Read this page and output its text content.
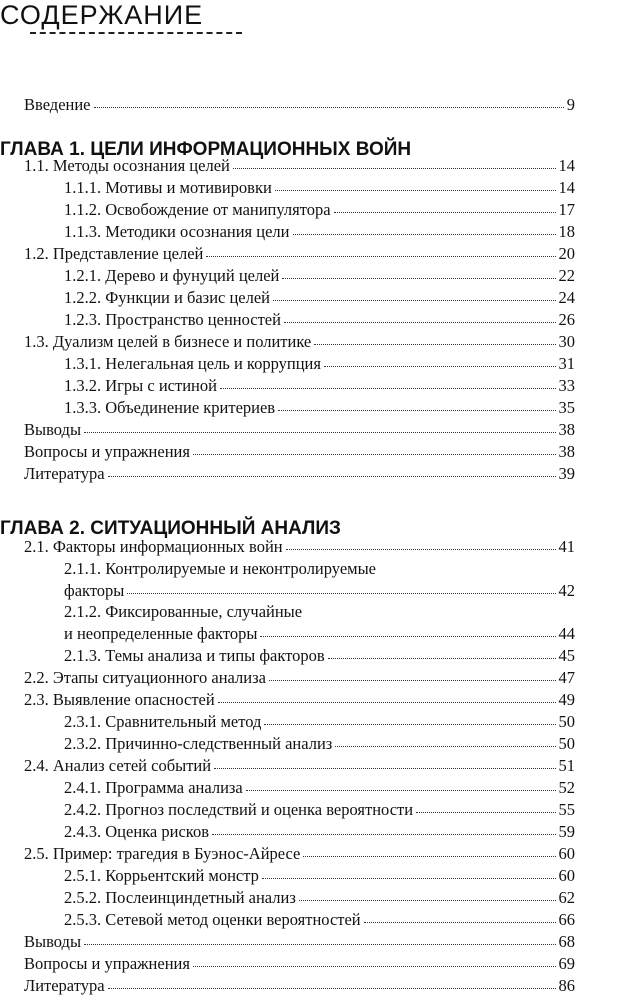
СОДЕРЖАНИЕ
Введение	9
ГЛАВА 1. ЦЕЛИ ИНФОРМАЦИОННЫХ ВОЙН
1.1. Методы осознания целей	14
1.1.1. Мотивы и мотивировки	14
1.1.2. Освобождение от манипулятора	17
1.1.3. Методики осознания цели	18
1.2. Представление целей	20
1.2.1. Дерево и фунуций целей	22
1.2.2. Функции и базис целей	24
1.2.3. Пространство ценностей	26
1.3. Дуализм целей в бизнесе и политике	30
1.3.1. Нелегальная цель и коррупция	31
1.3.2. Игры с истиной	33
1.3.3. Объединение критериев	35
Выводы	38
Вопросы и упражнения	38
Литература	39
ГЛАВА 2. СИТУАЦИОННЫЙ АНАЛИЗ
2.1. Факторы информационных войн	41
2.1.1. Контролируемые и неконтролируемые
факторы	42
2.1.2. Фиксированные, случайные
и неопределенные факторы	44
2.1.3. Темы анализа и типы факторов	45
2.2. Этапы ситуационного анализа	47
2.3. Выявление опасностей	49
2.3.1. Сравнительный метод	50
2.3.2. Причинно-следственный анализ	50
2.4. Анализ сетей событий	51
2.4.1. Программа анализа	52
2.4.2. Прогноз последствий и оценка вероятности	55
2.4.3. Оценка рисков	59
2.5. Пример: трагедия в Буэнос-Айресе	60
2.5.1. Коррьентский монстр	60
2.5.2. Послеинциндетный анализ	62
2.5.3. Сетевой метод оценки вероятностей	66
Выводы	68
Вопросы и упражнения	69
Литература	86
